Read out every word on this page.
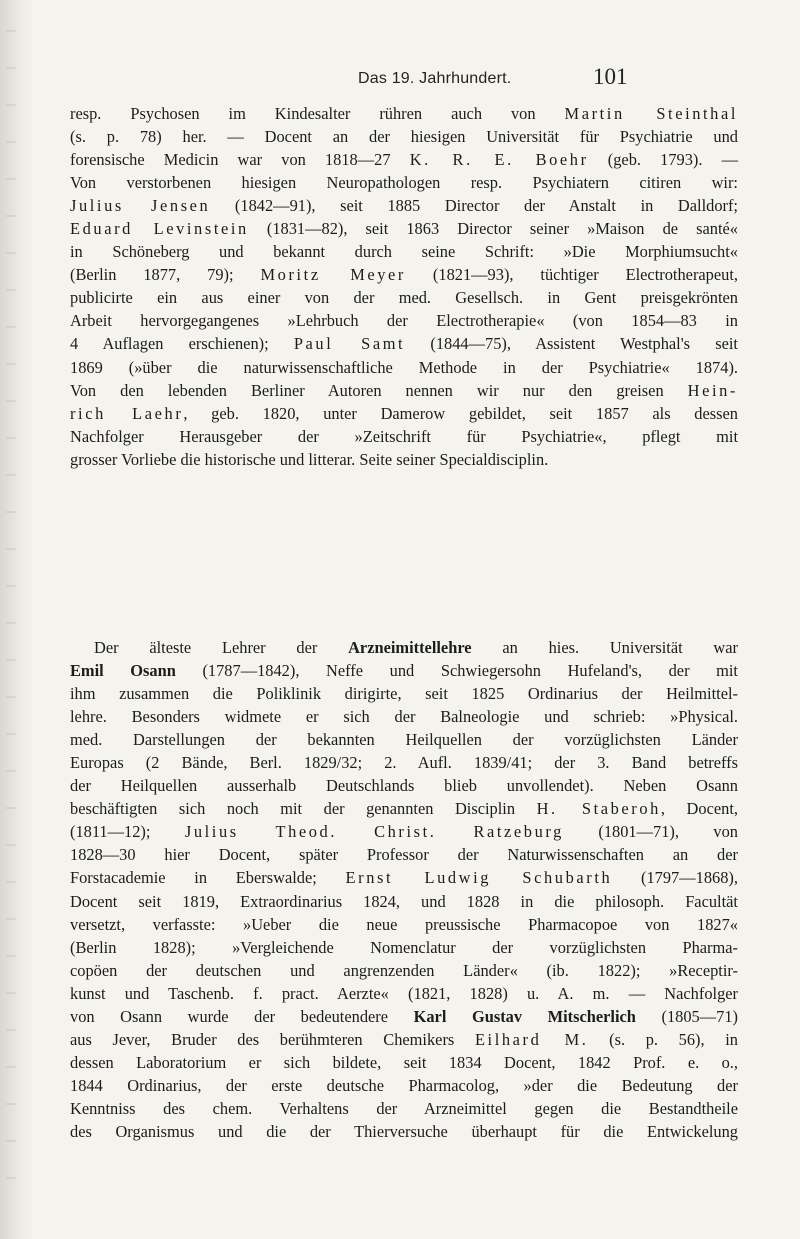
Das 19. Jahrhundert.	101
resp. Psychosen im Kindesalter rühren auch von Martin Steinthal
(s. p. 78) her. — Docent an der hiesigen Universität für Psychiatrie und
forensische Medicin war von 1818—27 K. R. E. Boehr (geb. 1793). —
Von verstorbenen hiesigen Neuropathologen resp. Psychiatern citiren wir:
Julius Jensen (1842—91), seit 1885 Director der Anstalt in Dalldorf;
Eduard Levinstein (1831—82), seit 1863 Director seiner »Maison de santé«
in Schöneberg und bekannt durch seine Schrift: »Die Morphiumsucht«
(Berlin 1877, 79); Moritz Meyer (1821—93), tüchtiger Electrotherapeut,
publicirte ein aus einer von der med. Gesellsch. in Gent preisgekrönten
Arbeit hervorgegangenes »Lehrbuch der Electrotherapie« (von 1854—83 in
4 Auflagen erschienen); Paul Samt (1844—75), Assistent Westphal's seit
1869 (»über die naturwissenschaftliche Methode in der Psychiatrie« 1874).
Von den lebenden Berliner Autoren nennen wir nur den greisen Hein-
rich Laehr, geb. 1820, unter Damerow gebildet, seit 1857 als dessen
Nachfolger Herausgeber der »Zeitschrift für Psychiatrie«, pflegt mit
grosser Vorliebe die historische und litterar. Seite seiner Specialdisciplin.
Der älteste Lehrer der Arzneimittellehre an hies. Universität war
Emil Osann (1787—1842), Neffe und Schwiegersohn Hufeland's, der mit
ihm zusammen die Poliklinik dirigirte, seit 1825 Ordinarius der Heilmittel-
lehre. Besonders widmete er sich der Balneologie und schrieb: »Physical.
med. Darstellungen der bekannten Heilquellen der vorzüglichsten Länder
Europas (2 Bände, Berl. 1829/32; 2. Aufl. 1839/41; der 3. Band betreffs
der Heilquellen ausserhalb Deutschlands blieb unvollendet). Neben Osann
beschäftigten sich noch mit der genannten Disciplin H. Staberoh, Docent,
(1811—12); Julius Theod. Christ. Ratzeburg (1801—71), von
1828—30 hier Docent, später Professor der Naturwissenschaften an der
Forstacademie in Eberswalde; Ernst Ludwig Schubarth (1797—1868),
Docent seit 1819, Extraordinarius 1824, und 1828 in die philosoph. Facultät
versetzt, verfasste: »Ueber die neue preussische Pharmacopoe von 1827«
(Berlin 1828); »Vergleichende Nomenclatur der vorzüglichsten Pharma-
copöen der deutschen und angrenzenden Länder« (ib. 1822); »Receptir-
kunst und Taschenb. f. pract. Aerzte« (1821, 1828) u. A. m. — Nachfolger
von Osann wurde der bedeutendere Karl Gustav Mitscherlich (1805—71)
aus Jever, Bruder des berühmteren Chemikers Eilhard M. (s. p. 56), in
dessen Laboratorium er sich bildete, seit 1834 Docent, 1842 Prof. e. o.,
1844 Ordinarius, der erste deutsche Pharmacolog, »der die Bedeutung der
Kenntniss des chem. Verhaltens der Arzneimittel gegen die Bestandtheile
des Organismus und die der Thierversuche überhaupt für die Entwickelung
